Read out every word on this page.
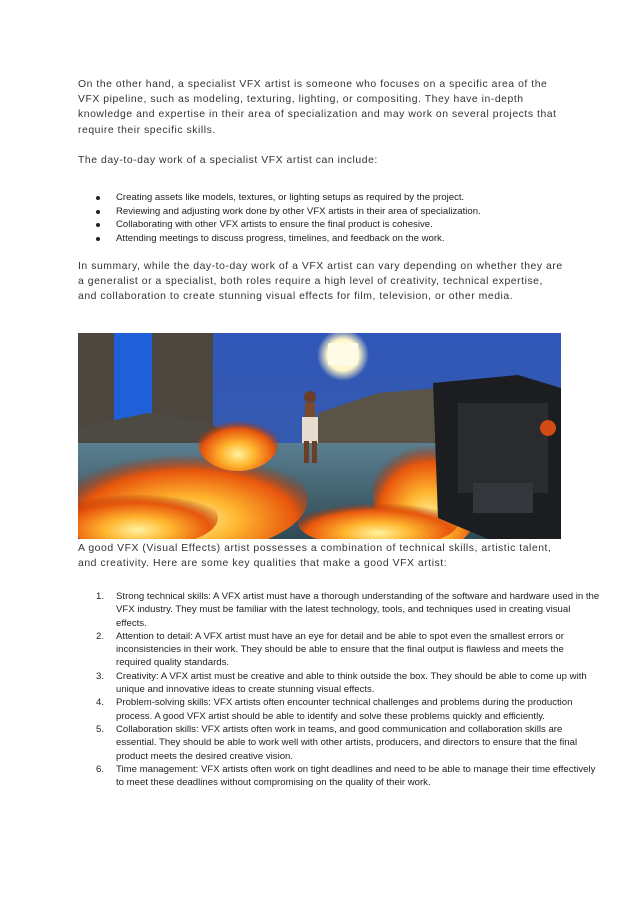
On the other hand, a specialist VFX artist is someone who focuses on a specific area of the VFX pipeline, such as modeling, texturing, lighting, or compositing. They have in-depth knowledge and expertise in their area of specialization and may work on several projects that require their specific skills.

The day-to-day work of a specialist VFX artist can include:

Creating assets like models, textures, or lighting setups as required by the project.
Reviewing and adjusting work done by other VFX artists in their area of specialization.
Collaborating with other VFX artists to ensure the final product is cohesive.
Attending meetings to discuss progress, timelines, and feedback on the work.

In summary, while the day-to-day work of a VFX artist can vary depending on whether they are a generalist or a specialist, both roles require a high level of creativity, technical expertise, and collaboration to create stunning visual effects for film, television, or other media.

A good VFX (Visual Effects) artist possesses a combination of technical skills, artistic talent, and creativity. Here are some key qualities that make a good VFX artist:

1. Strong technical skills: A VFX artist must have a thorough understanding of the software and hardware used in the VFX industry. They must be familiar with the latest technology, tools, and techniques used in creating visual effects.
2. Attention to detail: A VFX artist must have an eye for detail and be able to spot even the smallest errors or inconsistencies in their work. They should be able to ensure that the final output is flawless and meets the required quality standards.
3. Creativity: A VFX artist must be creative and able to think outside the box. They should be able to come up with unique and innovative ideas to create stunning visual effects.
4. Problem-solving skills: VFX artists often encounter technical challenges and problems during the production process. A good VFX artist should be able to identify and solve these problems quickly and efficiently.
5. Collaboration skills: VFX artists often work in teams, and good communication and collaboration skills are essential. They should be able to work well with other artists, producers, and directors to ensure that the final product meets the desired creative vision.
6. Time management: VFX artists often work on tight deadlines and need to be able to manage their time effectively to meet these deadlines without compromising on the quality of their work.
